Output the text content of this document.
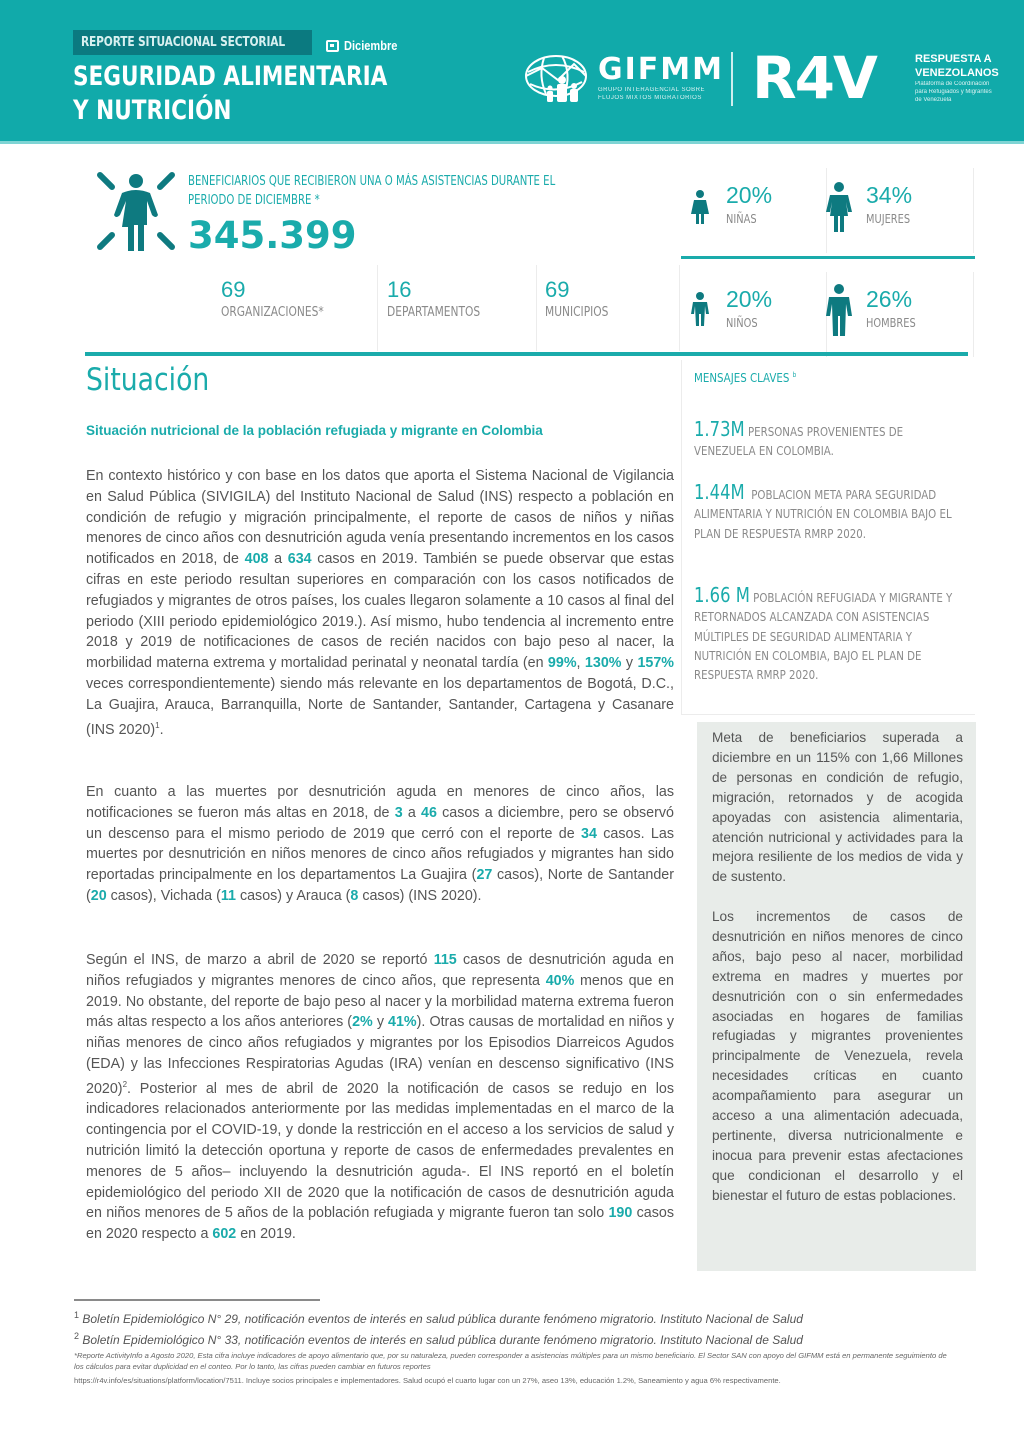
REPORTE SITUACIONAL SECTORIAL	Diciembre
SEGURIDAD ALIMENTARIA
Y NUTRICIÓN
GIFMM
GRUPO INTERAGENCIAL SOBRE
FLUJOS MIXTOS MIGRATORIOS R4V	RESPUESTA A
VENEZOLANOS
Plataforma de Coordinación
para Refugiados y Migrantes
de Venezuela
BENEFICIARIOS QUE RECIBIERON UNA O MÁS ASISTENCIAS DURANTE EL
PERIODO DE DICIEMBRE *
345.399
69
ORGANIZACIONES*
16
DEPARTAMENTOS
69
MUNICIPIOS
20%
NIÑAS
34%
MUJERES
20%
NIÑOS
26%
HOMBRES
Situación
Situación nutricional de la población refugiada y migrante en Colombia
En contexto histórico y con base en los datos que aporta el Sistema Nacional de Vigilancia en Salud Pública (SIVIGILA) del Instituto Nacional de Salud (INS) respecto a población en condición de refugio y migración principalmente, el reporte de casos de niños y niñas menores de cinco años con desnutrición aguda venía presentando incrementos en los casos notificados en 2018, de 408 a 634 casos en 2019. También se puede observar que estas cifras en este periodo resultan superiores en comparación con los casos notificados de refugiados y migrantes de otros países, los cuales llegaron solamente a 10 casos al final del periodo (XIII periodo epidemiológico 2019.). Así mismo, hubo tendencia al incremento entre 2018 y 2019 de notificaciones de casos de recién nacidos con bajo peso al nacer, la morbilidad materna extrema y mortalidad perinatal y neonatal tardía (en 99%, 130% y 157% veces correspondientemente) siendo más relevante en los departamentos de Bogotá, D.C., La Guajira, Arauca, Barranquilla, Norte de Santander, Santander, Cartagena y Casanare (INS 2020)$^1$.
En cuanto a las muertes por desnutrición aguda en menores de cinco años, las notificaciones se fueron más altas en 2018, de 3 a 46 casos a diciembre, pero se observó un descenso para el mismo periodo de 2019 que cerró con el reporte de 34 casos. Las muertes por desnutrición en niños menores de cinco años refugiados y migrantes han sido reportadas principalmente en los departamentos La Guajira (27 casos), Norte de Santander (20 casos), Vichada (11 casos) y Arauca (8 casos) (INS 2020).
Según el INS, de marzo a abril de 2020 se reportó 115 casos de desnutrición aguda en niños refugiados y migrantes menores de cinco años, que representa 40% menos que en 2019. No obstante, del reporte de bajo peso al nacer y la morbilidad materna extrema fueron más altas respecto a los años anteriores (2% y 41%). Otras causas de mortalidad en niños y niñas menores de cinco años refugiados y migrantes por los Episodios Diarreicos Agudos (EDA) y las Infecciones Respiratorias Agudas (IRA) venían en descenso significativo (INS 2020)$^2$. Posterior al mes de abril de 2020 la notificación de casos se redujo en los indicadores relacionados anteriormente por las medidas implementadas en el marco de la contingencia por el COVID-19, y donde la restricción en el acceso a los servicios de salud y nutrición limitó la detección oportuna y reporte de casos de enfermedades prevalentes en menores de 5 años– incluyendo la desnutrición aguda-. El INS reportó en el boletín epidemiológico del periodo XII de 2020 que la notificación de casos de desnutrición aguda en niños menores de 5 años de la población refugiada y migrante fueron tan solo 190 casos en 2020 respecto a 602 en 2019.
MENSAJES CLAVES $^b$
1.73M PERSONAS PROVENIENTES DE VENEZUELA EN COLOMBIA.
1.44M POBLACION META PARA SEGURIDAD ALIMENTARIA Y NUTRICIÓN EN COLOMBIA BAJO EL PLAN DE RESPUESTA RMRP 2020.
1.66 M POBLACIÓN REFUGIADA Y MIGRANTE Y RETORNADOS ALCANZADA CON ASISTENCIAS MÚLTIPLES DE SEGURIDAD ALIMENTARIA Y NUTRICIÓN EN COLOMBIA, BAJO EL PLAN DE RESPUESTA RMRP 2020.
Meta de beneficiarios superada a diciembre en un 115% con 1,66 Millones de personas en condición de refugio, migración, retornados y de acogida apoyadas con asistencia alimentaria, atención nutricional y actividades para la mejora resiliente de los medios de vida y de sustento.
Los incrementos de casos de desnutrición en niños menores de cinco años, bajo peso al nacer, morbilidad extrema en madres y muertes por desnutrición con o sin enfermedades asociadas en hogares de familias refugiadas y migrantes provenientes principalmente de Venezuela, revela necesidades críticas en cuanto acompañamiento para asegurar un acceso a una alimentación adecuada, pertinente, diversa nutricionalmente e inocua para prevenir estas afectaciones que condicionan el desarrollo y el bienestar el futuro de estas poblaciones.
$^1$ Boletín Epidemiológico N° 29, notificación eventos de interés en salud pública durante fenómeno migratorio. Instituto Nacional de Salud
$^2$ Boletín Epidemiológico N° 33, notificación eventos de interés en salud pública durante fenómeno migratorio. Instituto Nacional de Salud
*Reporte ActivityInfo a Agosto 2020, Esta cifra incluye indicadores de apoyo alimentario que, por su naturaleza, pueden corresponder a asistencias múltiples para un mismo beneficiario. El Sector SAN con apoyo del GIFMM está en permanente seguimiento de los cálculos para evitar duplicidad en el conteo. Por lo tanto, las cifras pueden cambiar en futuros reportes
https://r4v.info/es/situations/platform/location/7511. Incluye socios principales e implementadores. Salud ocupó el cuarto lugar con un 27%, aseo 13%, educación 1.2%, Saneamiento y agua 6% respectivamente.
